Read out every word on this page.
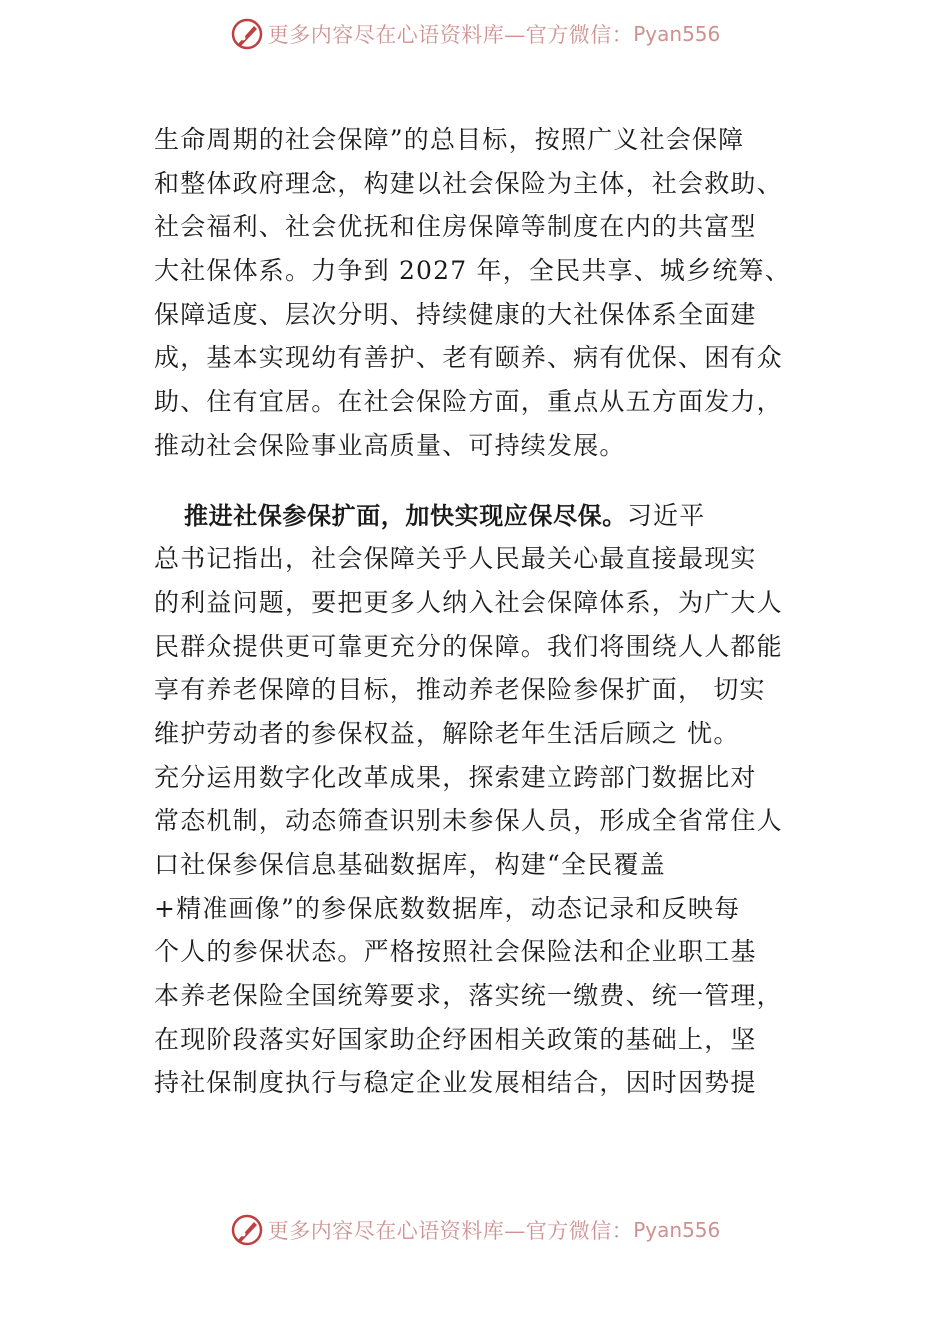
更多内容尽在心语资料库—官方微信： Pyan556
生命周期的社会保障”的总目标，按照广义社会保障
和整体政府理念，构建以社会保险为主体，社会救助、
社会福利、社会优抚和住房保障等制度在内的共富型
大社保体系。力争到 2027 年，全民共享、城乡统筹、
保障适度、层次分明、持续健康的大社保体系全面建
成，基本实现幼有善护、老有颐养、病有优保、困有众
助、住有宜居。在社会保险方面，重点从五方面发力，
推动社会保险事业高质量、可持续发展。
推进社保参保扩面，加快实现应保尽保。习近平
总书记指出，社会保障关乎人民最关心最直接最现实
的利益问题，要把更多人纳入社会保障体系，为广大人
民群众提供更可靠更充分的保障。我们将围绕人人都能
享有养老保障的目标，推动养老保险参保扩面， 切实
维护劳动者的参保权益，解除老年生活后顾之 忧。
充分运用数字化改革成果，探索建立跨部门数据比对
常态机制，动态筛查识别未参保人员，形成全省常住人
口社保参保信息基础数据库，构建“全民覆盖
+精准画像”的参保底数数据库，动态记录和反映每
个人的参保状态。严格按照社会保险法和企业职工基
本养老保险全国统筹要求，落实统一缴费、统一管理，
在现阶段落实好国家助企纾困相关政策的基础上，坚
持社保制度执行与稳定企业发展相结合，因时因势提
更多内容尽在心语资料库—官方微信： Pyan556
